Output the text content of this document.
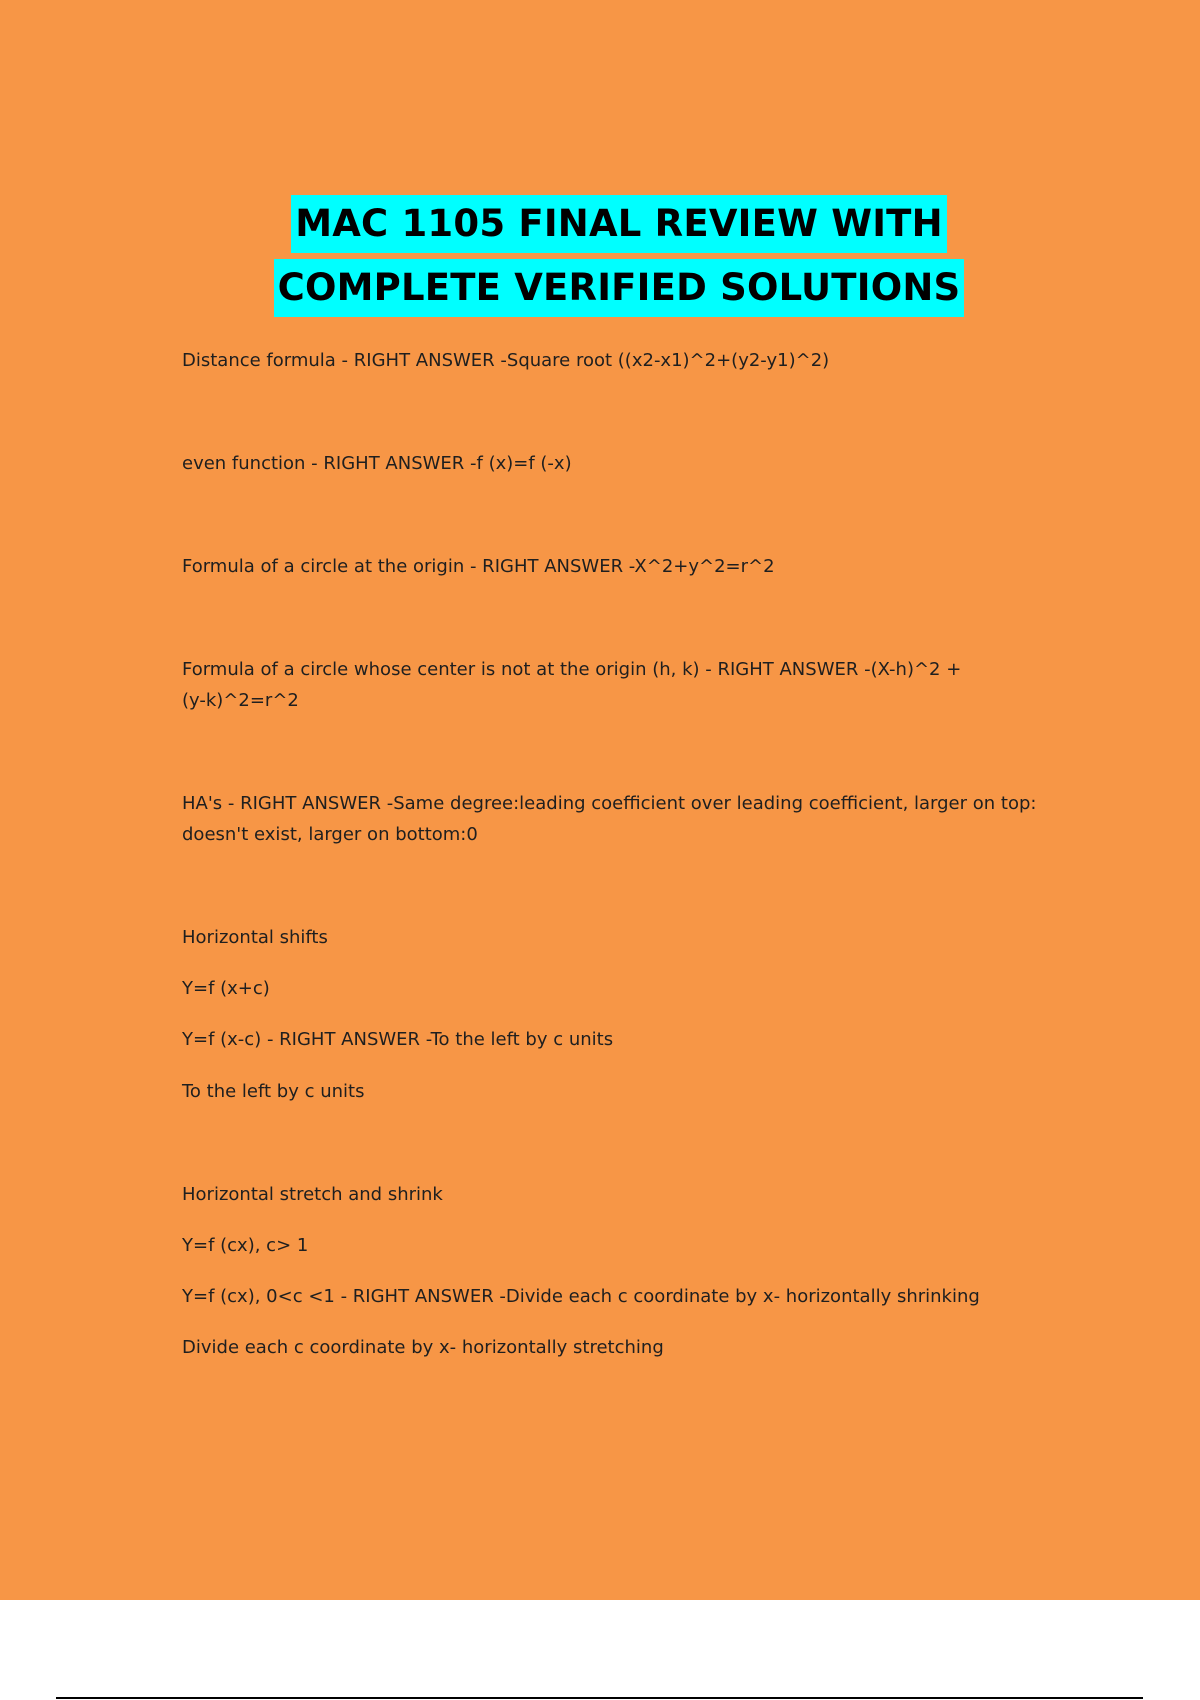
MAC 1105 FINAL REVIEW WITH
COMPLETE VERIFIED SOLUTIONS
Distance formula - RIGHT ANSWER -Square root ((x2-x1)^2+(y2-y1)^2)
even function - RIGHT ANSWER -f (x)=f (-x)
Formula of a circle at the origin - RIGHT ANSWER -X^2+y^2=r^2
Formula of a circle whose center is not at the origin (h, k) - RIGHT ANSWER -(X-h)^2 +
(y-k)^2=r^2
HA's - RIGHT ANSWER -Same degree:leading coefficient over leading coefficient, larger on top:
doesn't exist, larger on bottom:0
Horizontal shifts
Y=f (x+c)
Y=f (x-c) - RIGHT ANSWER -To the left by c units
To the left by c units
Horizontal stretch and shrink
Y=f (cx), c> 1
Y=f (cx), 0<c <1 - RIGHT ANSWER -Divide each c coordinate by x- horizontally shrinking
Divide each c coordinate by x- horizontally stretching
